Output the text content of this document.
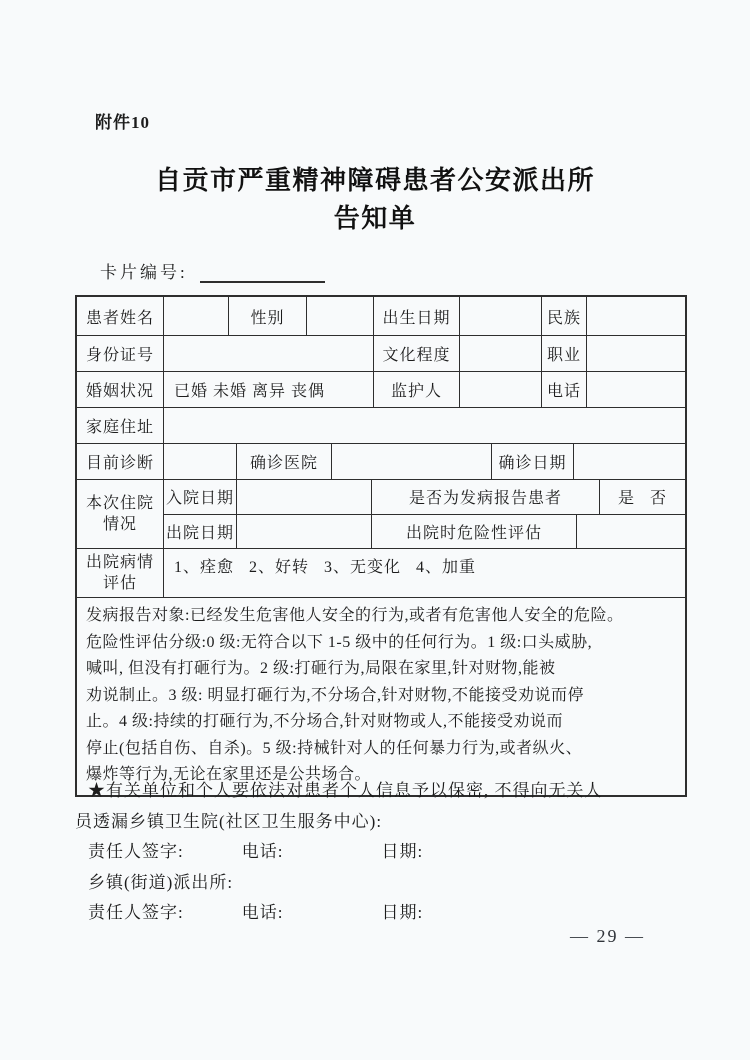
附件10
自贡市严重精神障碍患者公安派出所
告知单
卡片编号:
患者姓名	性别	出生日期	民族
身份证号	文化程度	职业
婚姻状况	已婚 未婚 离异 丧偶	监护人	电话
家庭住址
目前诊断	确诊医院	确诊日期
本次住院
情况
入院日期	是否为发病报告患者	是   否
出院日期	出院时危险性评估
出院病情
评估
1、痊愈   2、好转   3、无变化   4、加重
发病报告对象:已经发生危害他人安全的行为,或者有危害他人安全的危险。
危险性评估分级:0 级:无符合以下 1-5 级中的任何行为。1 级:口头威胁,
喊叫, 但没有打砸行为。2 级:打砸行为,局限在家里,针对财物,能被
劝说制止。3 级: 明显打砸行为,不分场合,针对财物,不能接受劝说而停
止。4 级:持续的打砸行为,不分场合,针对财物或人,不能接受劝说而
停止(包括自伤、自杀)。5 级:持械针对人的任何暴力行为,或者纵火、
爆炸等行为,无论在家里还是公共场合。
★有关单位和个人要依法对患者个人信息予以保密, 不得向无关人
员透漏乡镇卫生院(社区卫生服务中心):
责任人签字:	电话:	日期:
乡镇(街道)派出所:
责任人签字:	电话:	日期:
— 29 —
